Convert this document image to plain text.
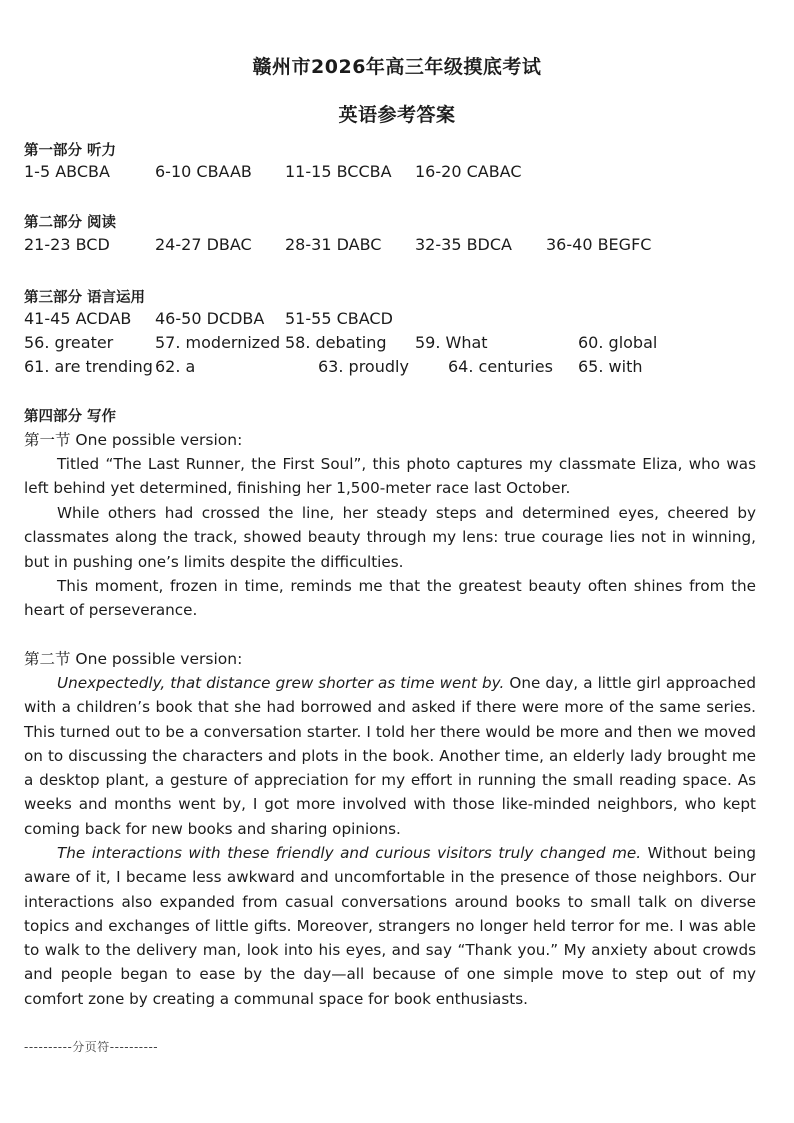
赣州市2026年高三年级摸底考试
英语参考答案
第一部分 听力
1-5 ABCBA	6-10 CBAAB 11-15 BCCBA 16-20 CABAC
第二部分 阅读
21-23 BCD	24-27 DBAC 28-31 DABC 32-35 BDCA 36-40 BEGFC
第三部分 语言运用
41-45 ACDAB 46-50 DCDBA 51-55 CBACD
56. greater	57. modernized 58. debating 59. What	60. global
61. are trending 62. a	63. proudly 64. centuries 65. with
第四部分 写作
第一节 One possible version:

Titled “The Last Runner, the First Soul”, this photo captures my classmate Eliza, who was left behind yet determined, finishing her 1,500-meter race last October.

While others had crossed the line, her steady steps and determined eyes, cheered by classmates along the track, showed beauty through my lens: true courage lies not in winning, but in pushing one’s limits despite the difficulties.

This moment, frozen in time, reminds me that the greatest beauty often shines from the heart of perseverance.

第二节 One possible version:

Unexpectedly, that distance grew shorter as time went by. One day, a little girl approached with a children’s book that she had borrowed and asked if there were more of the same series. This turned out to be a conversation starter. I told her there would be more and then we moved on to discussing the characters and plots in the book. Another time, an elderly lady brought me a desktop plant, a gesture of appreciation for my effort in running the small reading space. As weeks and months went by, I got more involved with those like-minded neighbors, who kept coming back for new books and sharing opinions.

The interactions with these friendly and curious visitors truly changed me. Without being aware of it, I became less awkward and uncomfortable in the presence of those neighbors. Our interactions also expanded from casual conversations around books to small talk on diverse topics and exchanges of little gifts. Moreover, strangers no longer held terror for me. I was able to walk to the delivery man, look into his eyes, and say “Thank you.” My anxiety about crowds and people began to ease by the day—all because of one simple move to step out of my comfort zone by creating a communal space for book enthusiasts.

----------分页符----------
